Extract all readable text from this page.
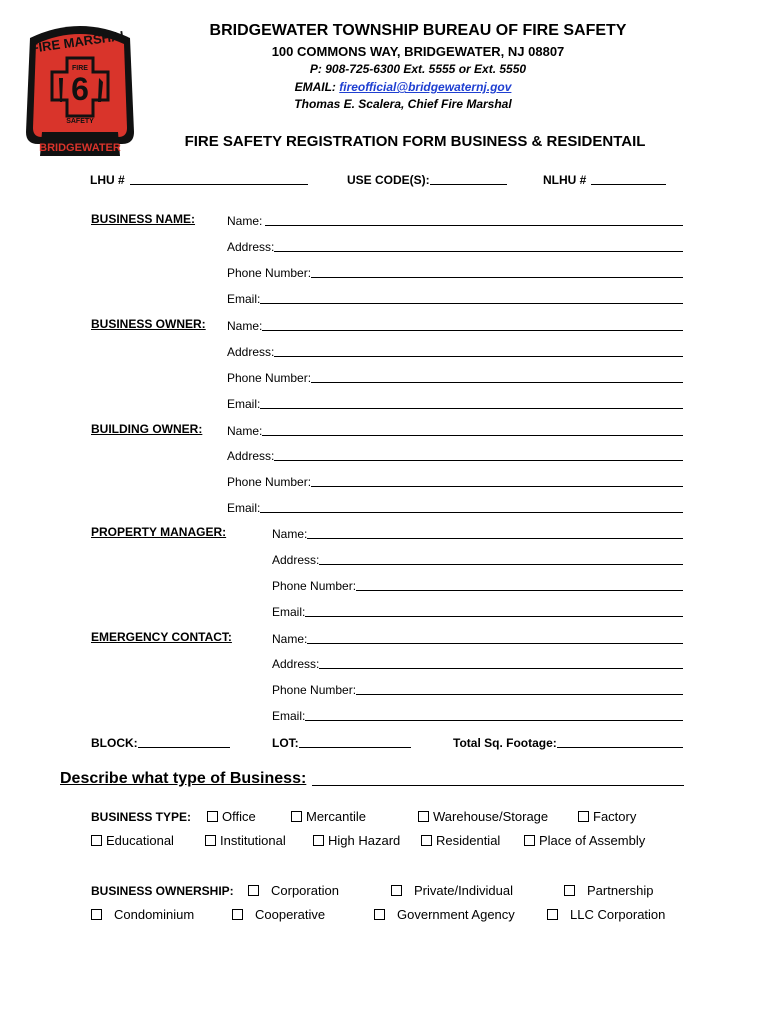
BRIDGEWATER
FIRE MARSHAL
FIRE
6
SAFETY
BRIDGEWATER TOWNSHIP BUREAU OF FIRE SAFETY
100 COMMONS WAY, BRIDGEWATER, NJ 08807
P: 908-725-6300 Ext. 5555 or Ext. 5550
EMAIL: fireofficial@bridgewaternj.gov
Thomas E. Scalera, Chief Fire Marshal
FIRE SAFETY REGISTRATION FORM BUSINESS & RESIDENTAIL
LHU #	USE CODE(S):	NLHU #
BUSINESS NAME:	Name:
Address:
Phone Number:
Email:
BUSINESS OWNER: Name:
Address:
Phone Number:
Email:
BUILDING OWNER: Name:
Address:
Phone Number:
Email:
PROPERTY MANAGER:	Name:
Address:
Phone Number:
Email:
EMERGENCY CONTACT:	Name:
Address:
Phone Number:
Email:
BLOCK:	LOT:	Total Sq. Footage:
Describe what type of Business:
BUSINESS TYPE:	Office	Mercantile	Warehouse/Storage	Factory
Educational	Institutional	High Hazard	Residential	Place of Assembly
BUSINESS OWNERSHIP:	Corporation	Private/Individual	Partnership
Condominium	Cooperative	Government Agency	LLC Corporation
